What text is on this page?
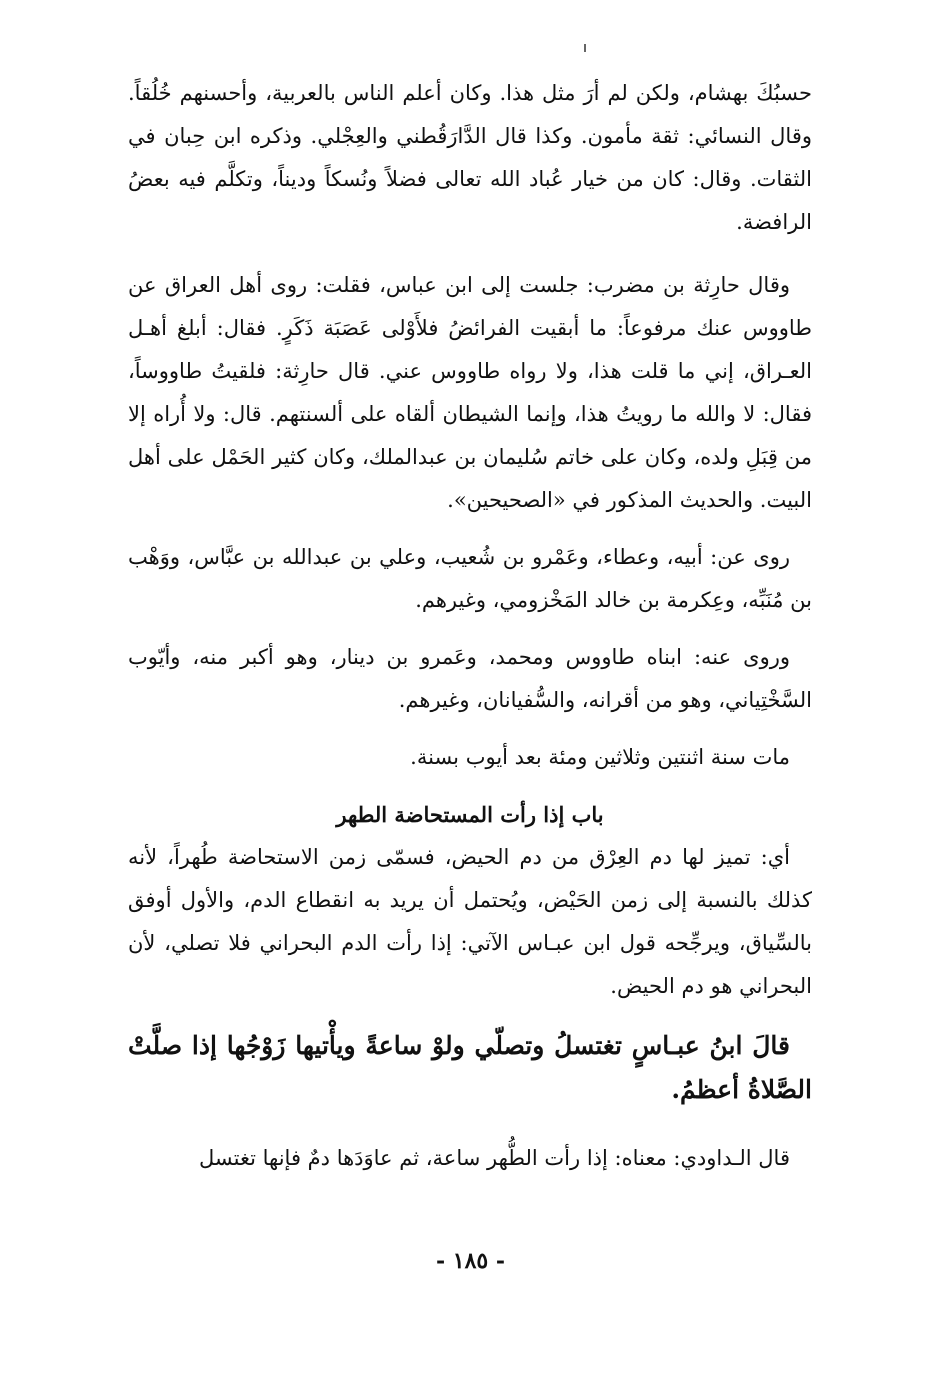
حسبُكَ بهشام، ولكن لم أرَ مثل هذا. وكان أعلم الناس بالعربية، وأحسنهم خُلُقاً. وقال النسائي: ثقة مأمون. وكذا قال الدَّارَقُطني والعِجْلي. وذكره ابن حِبان في الثقات. وقال: كان من خيار عُباد الله تعالى فضلاً ونُسكاً وديناً، وتكلَّم فيه بعضُ الرافضة.

وقال حارِثة بن مضرب: جلست إلى ابن عباس، فقلت: روى أهل العراق عن طاووس عنك مرفوعاً: ما أبقيت الفرائضُ فلأَوْلى عَصَبَة ذَكَرٍ. فقال: أبلغ أهـل العـراق، إني ما قلت هذا، ولا رواه طاووس عني. قال حارِثة: فلقيتُ طاووساً، فقال: لا والله ما رويتُ هذا، وإنما الشيطان ألقاه على ألسنتهم. قال: ولا أُراه إلا من قِبَلِ ولده، وكان على خاتم سُليمان بن عبدالملك، وكان كثير الحَمْل على أهل البيت. والحديث المذكور في «الصحيحين».

روى عن: أبيه، وعطاء، وعَمْرو بن شُعيب، وعلي بن عبدالله بن عبَّاس، ووَهْب بن مُنَبِّه، وعِكرمة بن خالد المَخْزومي، وغيرهم.

وروى عنه: ابناه طاووس ومحمد، وعَمرو بن دينار، وهو أكبر منه، وأيّوب السَّخْتِياني، وهو من أقرانه، والسُّفيانان، وغيرهم.

مات سنة اثنتين وثلاثين ومئة بعد أيوب بسنة.

باب إذا رأت المستحاضة الطهر

أي: تميز لها دم العِرْق من دم الحيض، فسمّى زمن الاستحاضة طُهراً، لأنه كذلك بالنسبة إلى زمن الحَيْض، ويُحتمل أن يريد به انقطاع الدم، والأول أوفق بالسِّياق، ويرجِّحه قول ابن عبـاس الآتي: إذا رأت الدم البحراني فلا تصلي، لأن البحراني هو دم الحيض.

قالَ ابنُ عبـاسٍ تغتسلُ وتصلّي ولوْ ساعةً ويأْتيها زَوْجُها إذا صلَّتْ الصَّلاةُ أعظمُ.

قال الـداودي: معناه: إذا رأت الطُّهر ساعة، ثم عاوَدَها دمٌ فإنها تغتسل

- ١٨٥ -
